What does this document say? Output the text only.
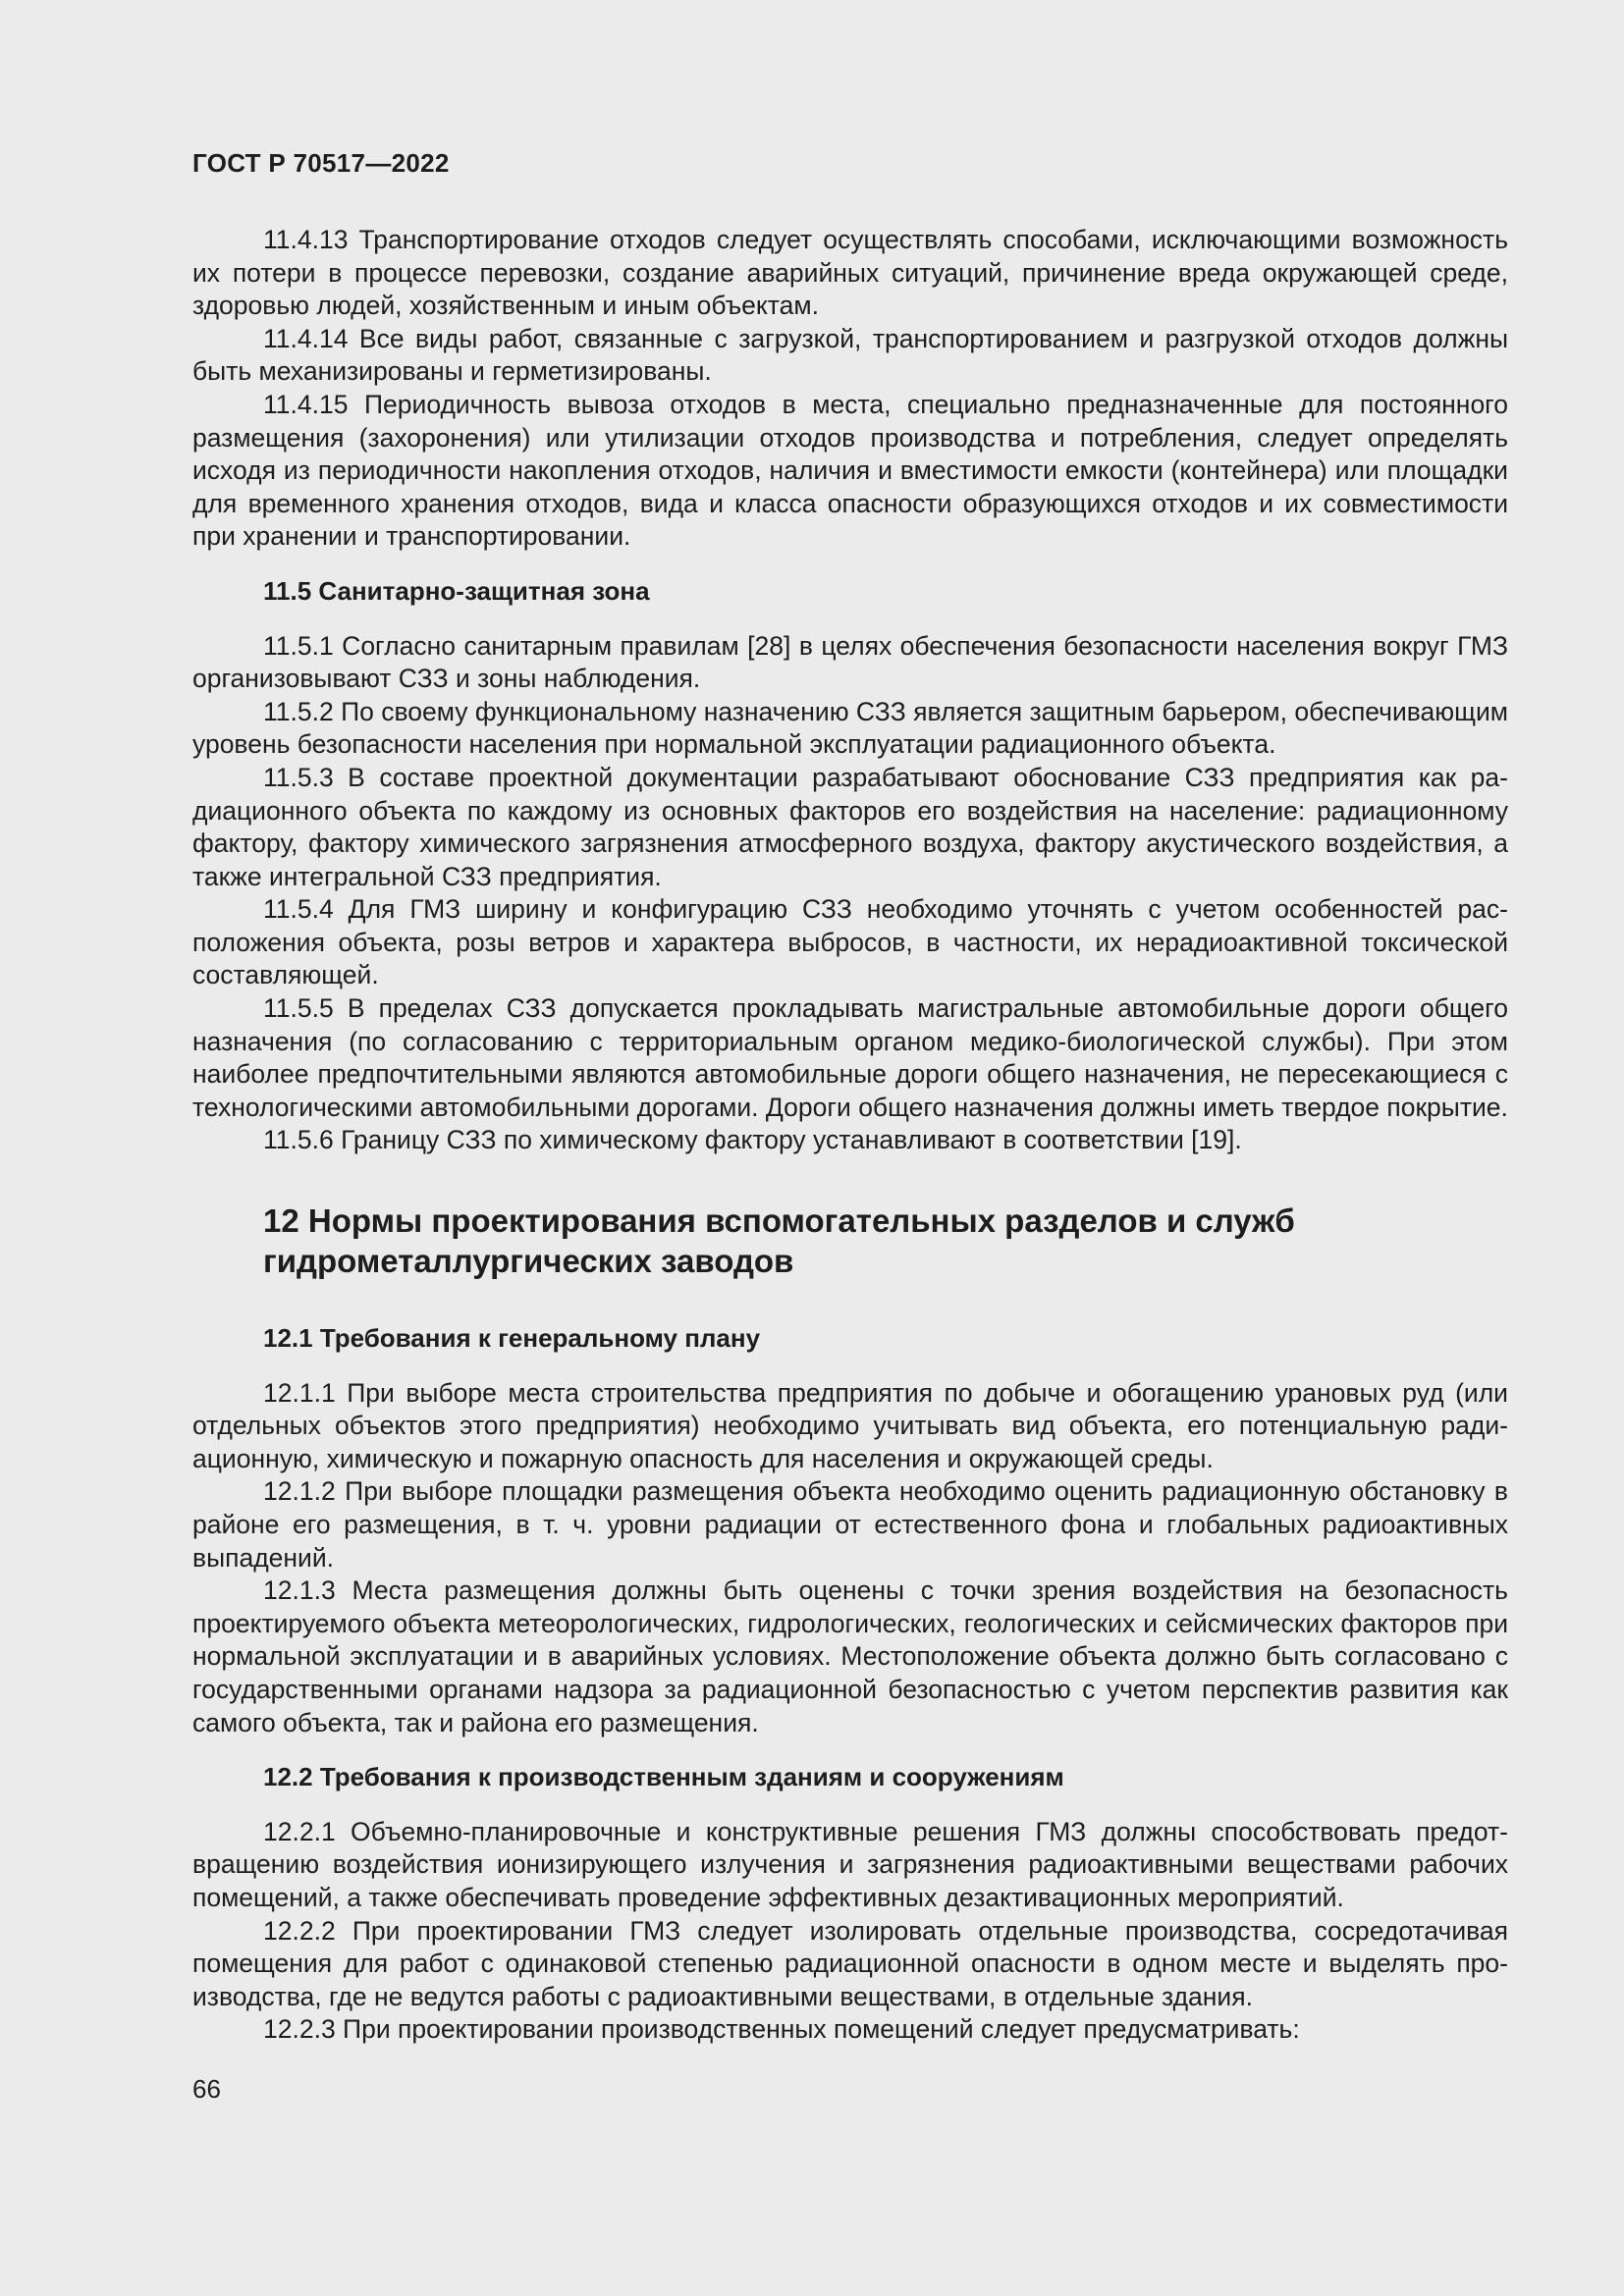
ГОСТ Р 70517—2022

11.4.13 Транспортирование отходов следует осуществлять способами, исключающими возможность их потери в процессе перевозки, создание аварийных ситуаций, причинение вреда окружающей среде, здоровью людей, хозяйственным и иным объектам.

11.4.14 Все виды работ, связанные с загрузкой, транспортированием и разгрузкой отходов должны быть механизированы и герметизированы.

11.4.15 Периодичность вывоза отходов в места, специально предназначенные для постоянного размещения (захоронения) или утилизации отходов производства и потребления, следует определять исходя из периодичности накопления отходов, наличия и вместимости емкости (контейнера) или площадки для временного хранения отходов, вида и класса опасности образующихся отходов и их совместимости при хранении и транспортировании.

11.5 Санитарно-защитная зона

11.5.1 Согласно санитарным правилам [28] в целях обеспечения безопасности населения вокруг ГМЗ организовывают СЗЗ и зоны наблюдения.

11.5.2 По своему функциональному назначению СЗЗ является защитным барьером, обеспечивающим уровень безопасности населения при нормальной эксплуатации радиационного объекта.

11.5.3 В составе проектной документации разрабатывают обоснование СЗЗ предприятия как радиационного объекта по каждому из основных факторов его воздействия на население: радиационному фактору, фактору химического загрязнения атмосферного воздуха, фактору акустического воздействия, а также интегральной СЗЗ предприятия.

11.5.4 Для ГМЗ ширину и конфигурацию СЗЗ необходимо уточнять с учетом особенностей расположения объекта, розы ветров и характера выбросов, в частности, их нерадиоактивной токсической составляющей.

11.5.5 В пределах СЗЗ допускается прокладывать магистральные автомобильные дороги общего назначения (по согласованию с территориальным органом медико-биологической службы). При этом наиболее предпочтительными являются автомобильные дороги общего назначения, не пересекающиеся с технологическими автомобильными дорогами. Дороги общего назначения должны иметь твердое покрытие.

11.5.6 Границу СЗЗ по химическому фактору устанавливают в соответствии [19].

12 Нормы проектирования вспомогательных разделов и служб гидрометаллургических заводов

12.1 Требования к генеральному плану

12.1.1 При выборе места строительства предприятия по добыче и обогащению урановых руд (или отдельных объектов этого предприятия) необходимо учитывать вид объекта, его потенциальную радиационную, химическую и пожарную опасность для населения и окружающей среды.

12.1.2 При выборе площадки размещения объекта необходимо оценить радиационную обстановку в районе его размещения, в т. ч. уровни радиации от естественного фона и глобальных радиоактивных выпадений.

12.1.3 Места размещения должны быть оценены с точки зрения воздействия на безопасность проектируемого объекта метеорологических, гидрологических, геологических и сейсмических факторов при нормальной эксплуатации и в аварийных условиях. Местоположение объекта должно быть согласовано с государственными органами надзора за радиационной безопасностью с учетом перспектив развития как самого объекта, так и района его размещения.

12.2 Требования к производственным зданиям и сооружениям

12.2.1 Объемно-планировочные и конструктивные решения ГМЗ должны способствовать предотвращению воздействия ионизирующего излучения и загрязнения радиоактивными веществами рабочих помещений, а также обеспечивать проведение эффективных дезактивационных мероприятий.

12.2.2 При проектировании ГМЗ следует изолировать отдельные производства, сосредотачивая помещения для работ с одинаковой степенью радиационной опасности в одном месте и выделять производства, где не ведутся работы с радиоактивными веществами, в отдельные здания.

12.2.3 При проектировании производственных помещений следует предусматривать:

66
